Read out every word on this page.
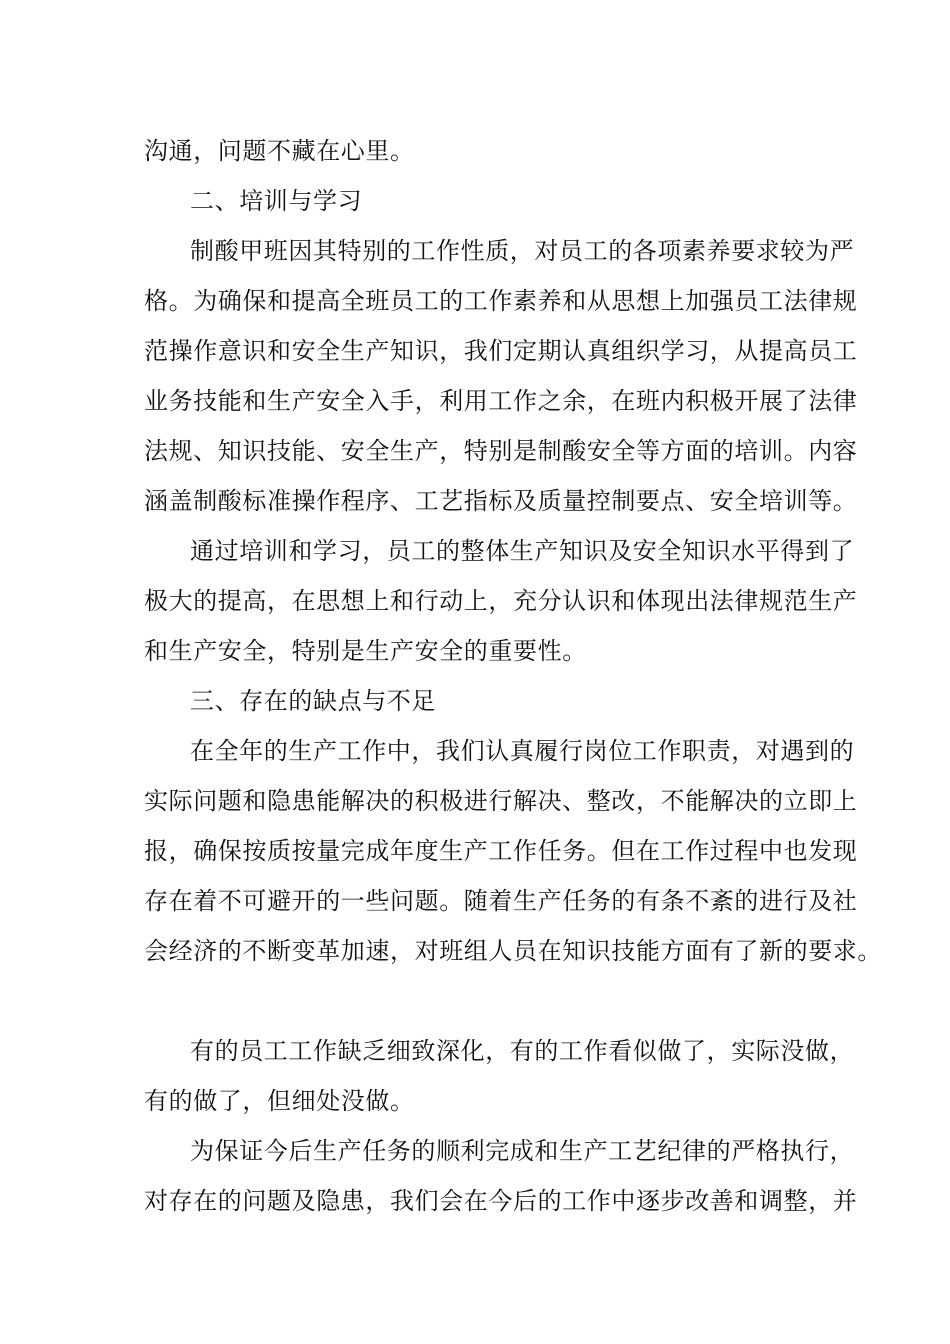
沟通，问题不藏在心里。
二、培训与学习
制酸甲班因其特别的工作性质，对员工的各项素养要求较为严
格。为确保和提高全班员工的工作素养和从思想上加强员工法律规
范操作意识和安全生产知识，我们定期认真组织学习，从提高员工
业务技能和生产安全入手，利用工作之余，在班内积极开展了法律
法规、知识技能、安全生产，特别是制酸安全等方面的培训。内容
涵盖制酸标准操作程序、工艺指标及质量控制要点、安全培训等。
通过培训和学习，员工的整体生产知识及安全知识水平得到了
极大的提高，在思想上和行动上，充分认识和体现出法律规范生产
和生产安全，特别是生产安全的重要性。
三、存在的缺点与不足
在全年的生产工作中，我们认真履行岗位工作职责，对遇到的
实际问题和隐患能解决的积极进行解决、整改，不能解决的立即上
报，确保按质按量完成年度生产工作任务。但在工作过程中也发现
存在着不可避开的一些问题。随着生产任务的有条不紊的进行及社
会经济的不断变革加速，对班组人员在知识技能方面有了新的要求。
有的员工工作缺乏细致深化，有的工作看似做了，实际没做，
有的做了，但细处没做。
为保证今后生产任务的顺利完成和生产工艺纪律的严格执行，
对存在的问题及隐患，我们会在今后的工作中逐步改善和调整，并
